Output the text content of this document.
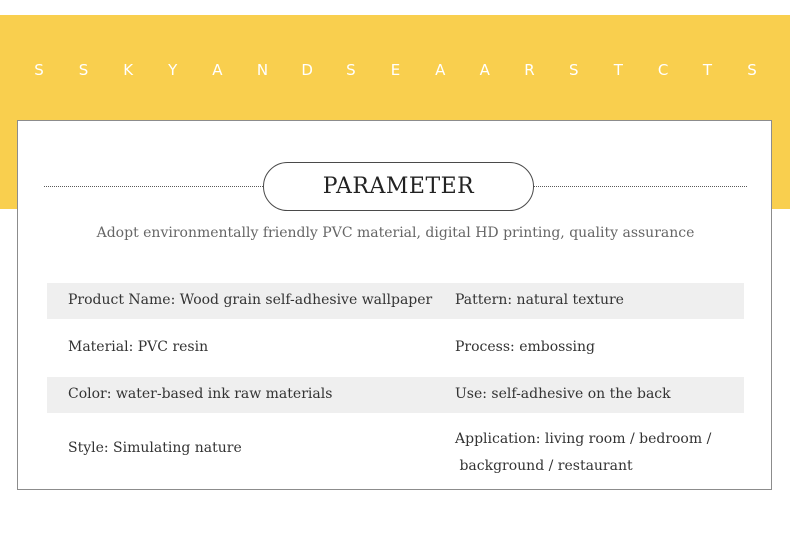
S S K Y A N D S E A A R S T C T S
PARAMETER
Adopt environmentally friendly PVC material, digital HD printing, quality assurance
Product Name: Wood grain self-adhesive wallpaper Pattern: natural texture
Material: PVC resin	Process: embossing
Color: water-based ink raw materials	Use: self-adhesive on the back
Style: Simulating nature
Application: living room / bedroom /
background / restaurant
